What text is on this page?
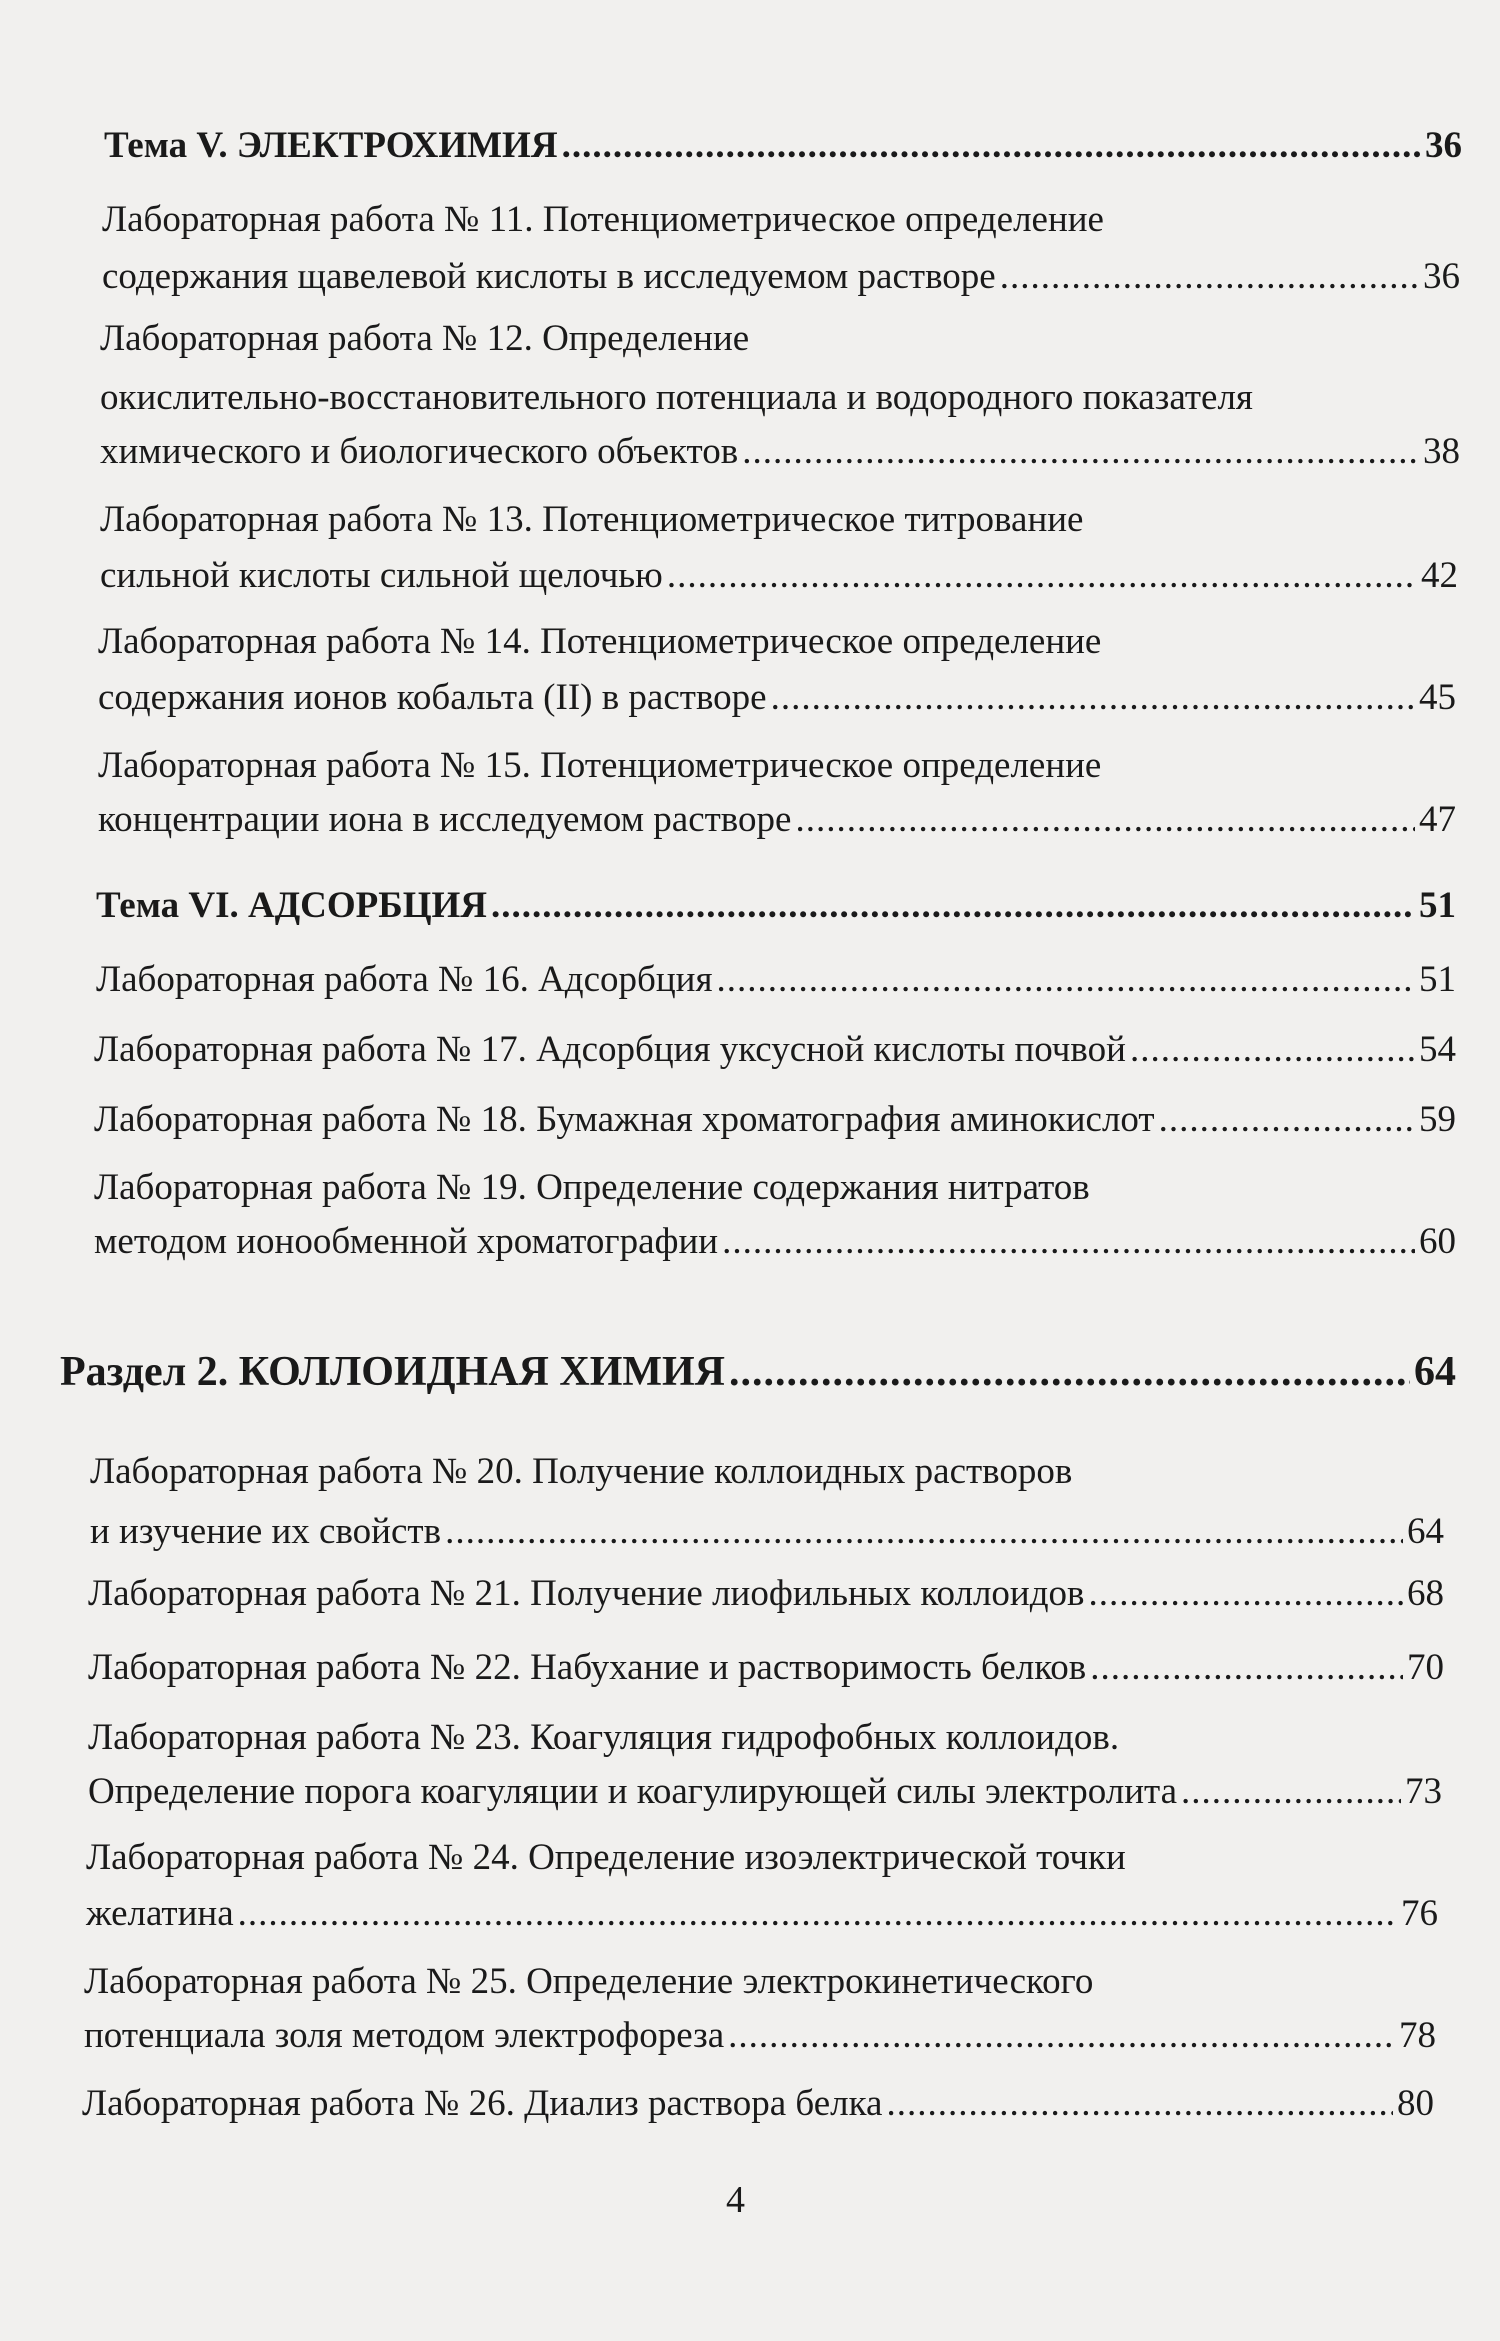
Тема V. ЭЛЕКТРОХИМИЯ .....	36
Лабораторная работа № 11. Потенциометрическое определение
содержания щавелевой кислоты в исследуемом растворе .....	36
Лабораторная работа № 12. Определение
окислительно-восстановительного потенциала и водородного показателя
химического и биологического объектов .....	38
Лабораторная работа № 13. Потенциометрическое титрование
сильной кислоты сильной щелочью .....	42
Лабораторная работа № 14. Потенциометрическое определение
содержания ионов кобальта (II) в растворе .....	45
Лабораторная работа № 15. Потенциометрическое определение
концентрации иона в исследуемом растворе .....	47
Тема VI. АДСОРБЦИЯ .....	51
Лабораторная работа № 16. Адсорбция .....	51
Лабораторная работа № 17. Адсорбция уксусной кислоты почвой .....	54
Лабораторная работа № 18. Бумажная хроматография аминокислот .....	59
Лабораторная работа № 19. Определение содержания нитратов
методом ионообменной хроматографии .....	60
Раздел 2. КОЛЛОИДНАЯ ХИМИЯ .....	64
Лабораторная работа № 20. Получение коллоидных растворов
и изучение их свойств .....	64
Лабораторная работа № 21. Получение лиофильных коллоидов .....	68
Лабораторная работа № 22. Набухание и растворимость белков .....	70
Лабораторная работа № 23. Коагуляция гидрофобных коллоидов.
Определение порога коагуляции и коагулирующей силы электролита .....	73
Лабораторная работа № 24. Определение изоэлектрической точки
желатина .....	76
Лабораторная работа № 25. Определение электрокинетического
потенциала золя методом электрофореза .....	78
Лабораторная работа № 26. Диализ раствора белка .....	80
4
